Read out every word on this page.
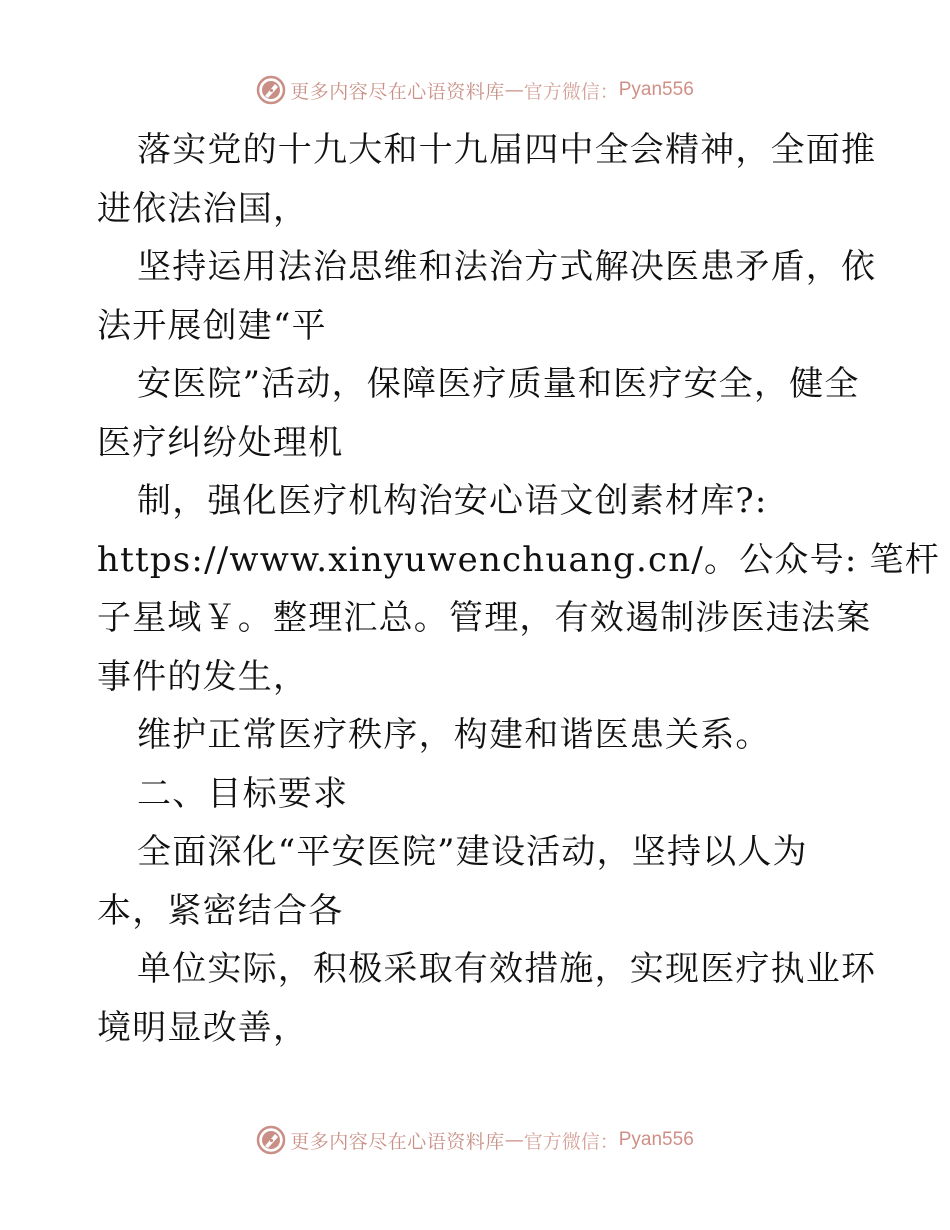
更多内容尽在心语资料库 — 官方微信： Pyan556
落实党的十九大和十九届四中全会精神，全面推
进依法治国，
坚持运用法治思维和法治方式解决医患矛盾，依
法开展创建“平
安医院”活动，保障医疗质量和医疗安全，健全
医疗纠纷处理机
制，强化医疗机构治安心语文创素材库?:
https://www.xinyuwenchuang.cn/。公众号: 笔杆
子星域￥。整理汇总。管理，有效遏制涉医违法案
事件的发生，
维护正常医疗秩序，构建和谐医患关系。
二、目标要求
全面深化“平安医院”建设活动，坚持以人为
本，紧密结合各
单位实际，积极采取有效措施，实现医疗执业环
境明显改善，
更多内容尽在心语资料库 — 官方微信： Pyan556
